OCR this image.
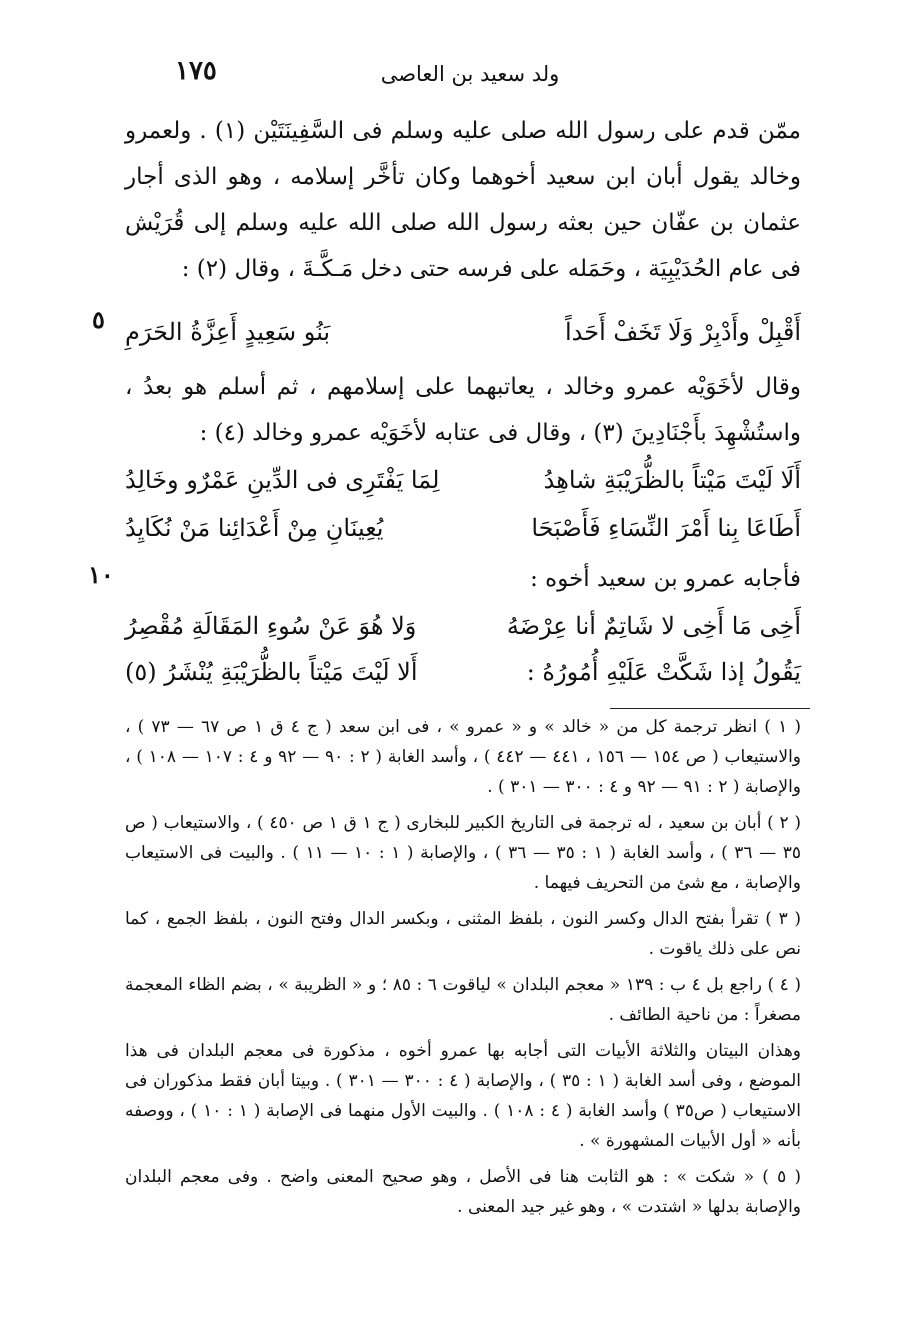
١٧٥	ولد سعيد بن العاصى
ممّن قدم على رسول الله صلى عليه وسلم فى السَّفِينَتَيْن (١) . ولعمرو وخالد يقول أبان ابن سعيد أخوهما وكان تأخَّر إسلامه ، وهو الذى أجار عثمان بن عفّان حين بعثه رسول الله صلى الله عليه وسلم إلى قُرَيْش فى عام الحُدَيْبِيَة ، وحَمَله على فرسه حتى دخل مَـكَّـةَ ، وقال (٢) :
٥	أَقْبِلْ وأَدْبِرْ وَلَا تَخَفْ أَحَداً
بَنُو سَعِيدٍ أَعِزَّةُ الحَرَمِ
وقال لأخَوَيْه عمرو وخالد ، يعاتبهما على إسلامهم ، ثم أسلم هو بعدُ ، واستُشْهِدَ بأَجْنَادِينَ (٣) ، وقال فى عتابه لأخَوَيْه عمرو وخالد (٤) :
أَلَا لَيْتَ مَيْتاً بالظُّرَيْبَةِ شاهِدُ
لِمَا يَفْتَرِى فى الدِّينِ عَمْرٌو وخَالِدُ
أَطَاعَا بِنا أَمْرَ النِّسَاءِ فَأَصْبَحَا
يُعِينَانِ مِنْ أَعْدَائِنا مَنْ نُكَايِدُ
١٠	فأجابه عمرو بن سعيد أخوه :
أَخِى مَا أَخِى لا شَاتِمٌ أنا عِرْضَهُ
وَلا هُوَ عَنْ سُوءِ المَقَالَةِ مُقْصِرُ
يَقُولُ إذا شَكَّتْ عَلَيْهِ أُمُورُهُ :
أَلا لَيْتَ مَيْتاً بالظُّرَيْبَةِ يُنْشَرُ (٥)

( ١ ) انظر ترجمة كل من « خالد » و « عمرو » ، فى ابن سعد ( ج ٤ ق ١ ص ٦٧ — ٧٣ ) ، والاستيعاب ( ص ١٥٤ — ١٥٦ ، ٤٤١ — ٤٤٢ ) ، وأسد الغابة ( ٢ : ٩٠ — ٩٢ و ٤ : ١٠٧ — ١٠٨ ) ، والإصابة ( ٢ : ٩١ — ٩٢ و ٤ : ٣٠٠ — ٣٠١ ) .

( ٢ ) أبان بن سعيد ، له ترجمة فى التاريخ الكبير للبخارى ( ج ١ ق ١ ص ٤٥٠ ) ، والاستيعاب ( ص ٣٥ — ٣٦ ) ، وأسد الغابة ( ١ : ٣٥ — ٣٦ ) ، والإصابة ( ١ : ١٠ — ١١ ) . والبيت فى الاستيعاب والإصابة ، مع شئ من التحريف فيهما .

( ٣ ) تقرأ بفتح الدال وكسر النون ، بلفظ المثنى ، وبكسر الدال وفتح النون ، بلفظ الجمع ، كما نص على ذلك ياقوت .

( ٤ ) راجع بل ٤ ب : ١٣٩ « معجم البلدان » لياقوت ٦ : ٨٥ ؛ و « الظريبة » ، بضم الظاء المعجمة مصغراً : من ناحية الطائف .

وهذان البيتان والثلاثة الأبيات التى أجابه بها عمرو أخوه ، مذكورة فى معجم البلدان فى هذا الموضع ، وفى أسد الغابة ( ١ : ٣٥ ) ، والإصابة ( ٤ : ٣٠٠ — ٣٠١ ) . وبيتا أبان فقط مذكوران فى الاستيعاب ( ص٣٥ ) وأسد الغابة ( ٤ : ١٠٨ ) . والبيت الأول منهما فى الإصابة ( ١ : ١٠ ) ، ووصفه بأنه « أول الأبيات المشهورة » .

( ٥ ) « شكت » : هو الثابت هنا فى الأصل ، وهو صحيح المعنى واضح . وفى معجم البلدان والإصابة بدلها « اشتدت » ، وهو غير جيد المعنى .
